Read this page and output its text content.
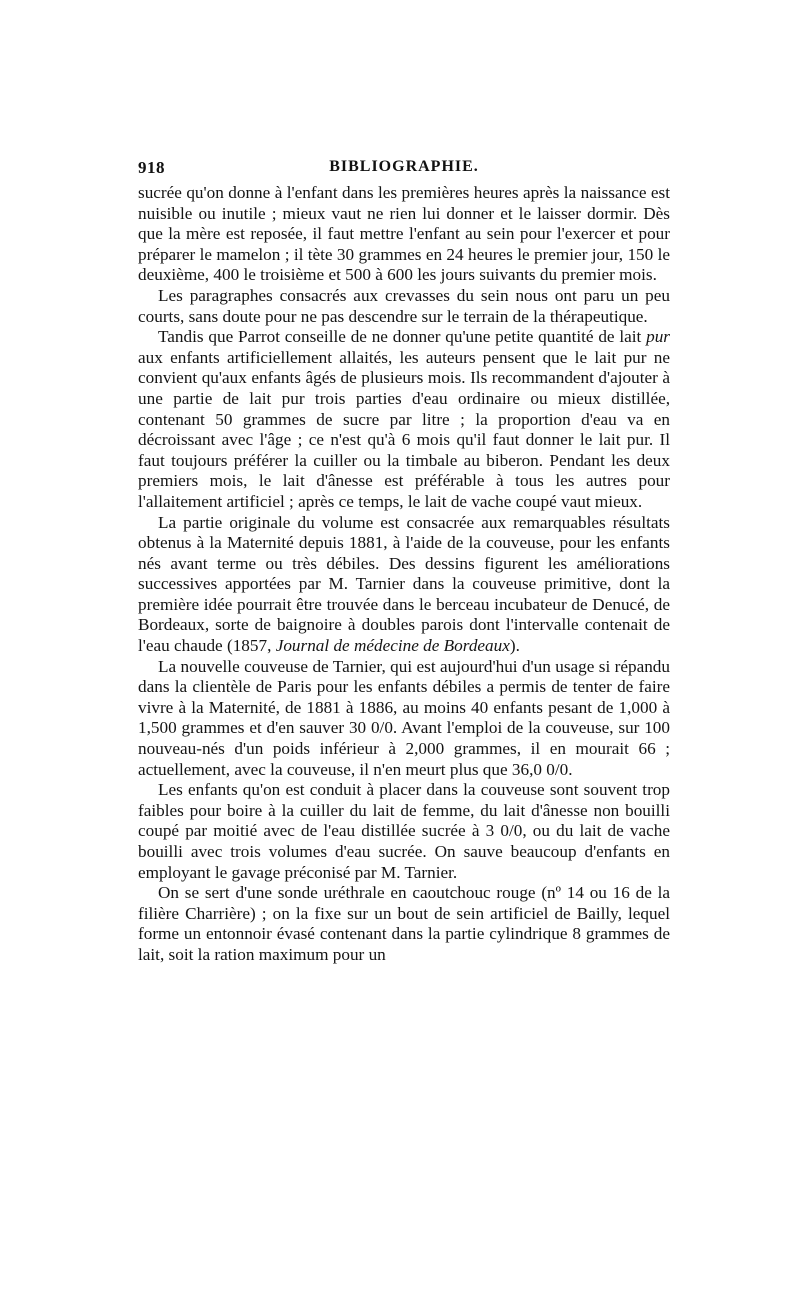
918	BIBLIOGRAPHIE.

sucrée qu'on donne à l'enfant dans les premières heures après la naissance est nuisible ou inutile ; mieux vaut ne rien lui donner et le laisser dormir. Dès que la mère est reposée, il faut mettre l'enfant au sein pour l'exercer et pour préparer le mamelon ; il tète 30 grammes en 24 heures le premier jour, 150 le deuxième, 400 le troisième et 500 à 600 les jours suivants du premier mois.

Les paragraphes consacrés aux crevasses du sein nous ont paru un peu courts, sans doute pour ne pas descendre sur le terrain de la thérapeutique.

Tandis que Parrot conseille de ne donner qu'une petite quantité de lait pur aux enfants artificiellement allaités, les auteurs pensent que le lait pur ne convient qu'aux enfants âgés de plusieurs mois. Ils recommandent d'ajouter à une partie de lait pur trois parties d'eau ordinaire ou mieux distillée, contenant 50 grammes de sucre par litre ; la proportion d'eau va en décroissant avec l'âge ; ce n'est qu'à 6 mois qu'il faut donner le lait pur. Il faut toujours préférer la cuiller ou la timbale au biberon. Pendant les deux premiers mois, le lait d'ânesse est préférable à tous les autres pour l'allaitement artificiel ; après ce temps, le lait de vache coupé vaut mieux.

La partie originale du volume est consacrée aux remarquables résultats obtenus à la Maternité depuis 1881, à l'aide de la couveuse, pour les enfants nés avant terme ou très débiles. Des dessins figurent les améliorations successives apportées par M. Tarnier dans la couveuse primitive, dont la première idée pourrait être trouvée dans le berceau incubateur de Denucé, de Bordeaux, sorte de baignoire à doubles parois dont l'intervalle contenait de l'eau chaude (1857, Journal de médecine de Bordeaux).

La nouvelle couveuse de Tarnier, qui est aujourd'hui d'un usage si répandu dans la clientèle de Paris pour les enfants débiles a permis de tenter de faire vivre à la Maternité, de 1881 à 1886, au moins 40 enfants pesant de 1,000 à 1,500 grammes et d'en sauver 30 0/0. Avant l'emploi de la couveuse, sur 100 nouveau-nés d'un poids inférieur à 2,000 grammes, il en mourait 66 ; actuellement, avec la couveuse, il n'en meurt plus que 36,0 0/0.

Les enfants qu'on est conduit à placer dans la couveuse sont souvent trop faibles pour boire à la cuiller du lait de femme, du lait d'ânesse non bouilli coupé par moitié avec de l'eau distillée sucrée à 3 0/0, ou du lait de vache bouilli avec trois volumes d'eau sucrée. On sauve beaucoup d'enfants en employant le gavage préconisé par M. Tarnier.

On se sert d'une sonde uréthrale en caoutchouc rouge (nº 14 ou 16 de la filière Charrière) ; on la fixe sur un bout de sein artificiel de Bailly, lequel forme un entonnoir évasé contenant dans la partie cylindrique 8 grammes de lait, soit la ration maximum pour un
